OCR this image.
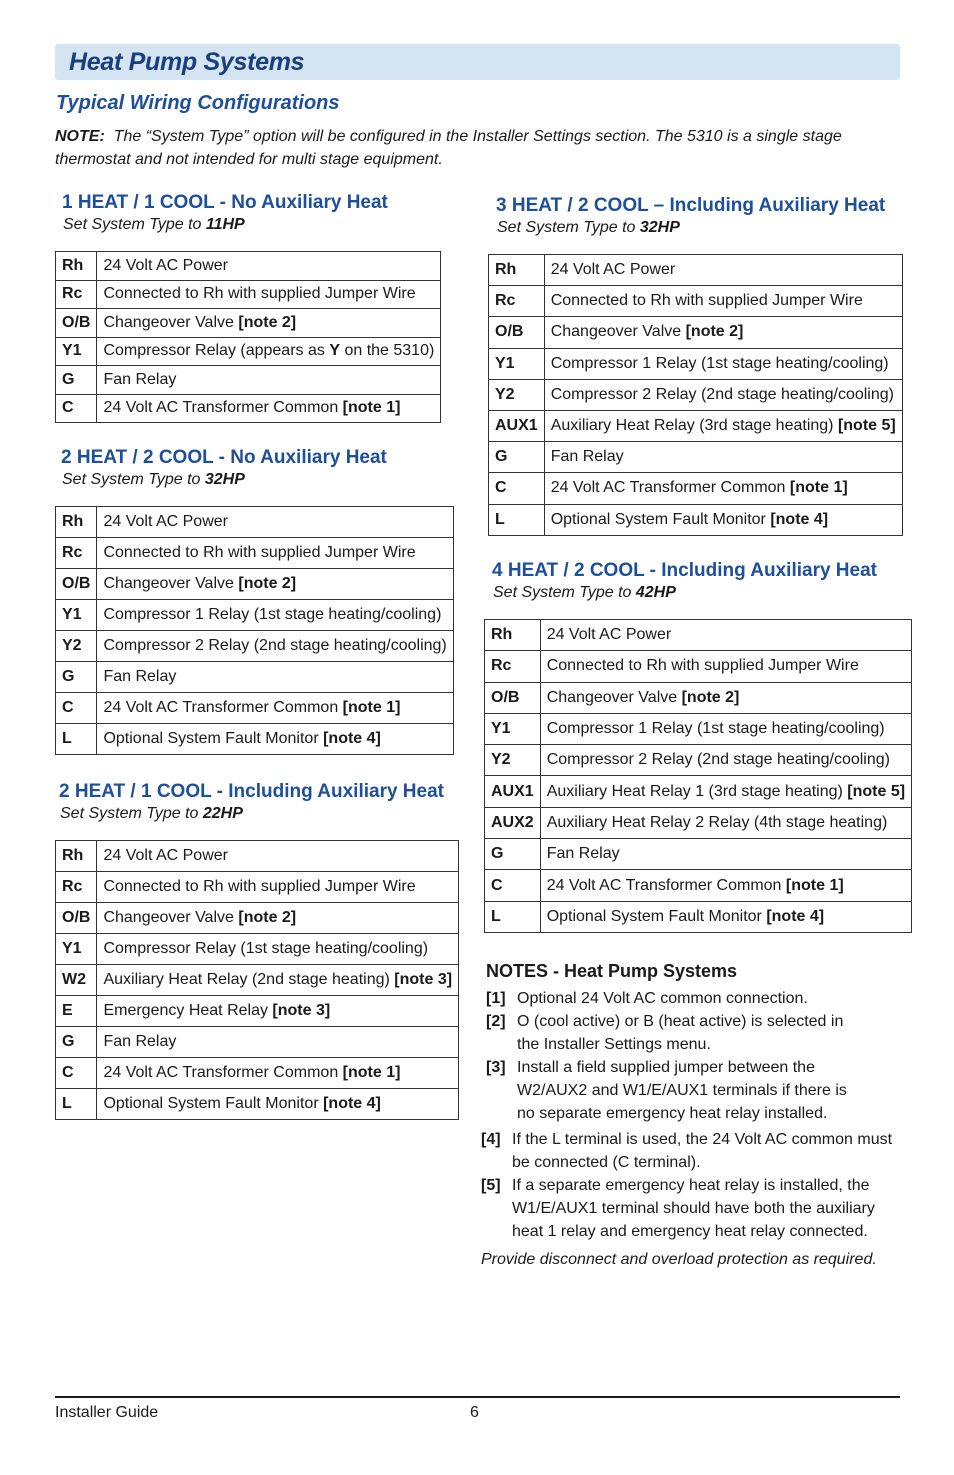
Heat Pump Systems
Typical Wiring Configurations
NOTE: The “System Type” option will be configured in the Installer Settings section. The 5310 is a single stage thermostat and not intended for multi stage equipment.
1 HEAT / 1 COOL - No Auxiliary Heat
Set System Type to 11HP
Rh	24 Volt AC Power
Rc	Connected to Rh with supplied Jumper Wire
O/B	Changeover Valve [note 2]
Y1	Compressor Relay (appears as Y on the 5310)
G	Fan Relay
C	24 Volt AC Transformer Common [note 1]
2 HEAT / 2 COOL - No Auxiliary Heat
Set System Type to 32HP
Rh	24 Volt AC Power
Rc	Connected to Rh with supplied Jumper Wire
O/B	Changeover Valve [note 2]
Y1	Compressor 1 Relay (1st stage heating/cooling)
Y2	Compressor 2 Relay (2nd stage heating/cooling)
G	Fan Relay
C	24 Volt AC Transformer Common [note 1]
L	Optional System Fault Monitor [note 4]
2 HEAT / 1 COOL - Including Auxiliary Heat
Set System Type to 22HP
Rh	24 Volt AC Power
Rc	Connected to Rh with supplied Jumper Wire
O/B	Changeover Valve [note 2]
Y1	Compressor Relay (1st stage heating/cooling)
W2	Auxiliary Heat Relay (2nd stage heating) [note 3]
E	Emergency Heat Relay [note 3]
G	Fan Relay
C	24 Volt AC Transformer Common [note 1]
L	Optional System Fault Monitor [note 4]
3 HEAT / 2 COOL – Including Auxiliary Heat
Set System Type to 32HP
Rh	24 Volt AC Power
Rc	Connected to Rh with supplied Jumper Wire
O/B	Changeover Valve [note 2]
Y1	Compressor 1 Relay (1st stage heating/cooling)
Y2	Compressor 2 Relay (2nd stage heating/cooling)
AUX1	Auxiliary Heat Relay (3rd stage heating) [note 5]
G	Fan Relay
C	24 Volt AC Transformer Common [note 1]
L	Optional System Fault Monitor [note 4]
4 HEAT / 2 COOL - Including Auxiliary Heat
Set System Type to 42HP
Rh	24 Volt AC Power
Rc	Connected to Rh with supplied Jumper Wire
O/B	Changeover Valve [note 2]
Y1	Compressor 1 Relay (1st stage heating/cooling)
Y2	Compressor 2 Relay (2nd stage heating/cooling)
AUX1	Auxiliary Heat Relay 1 (3rd stage heating) [note 5]
AUX2	Auxiliary Heat Relay 2 Relay (4th stage heating)
G	Fan Relay
C	24 Volt AC Transformer Common [note 1]
L	Optional System Fault Monitor [note 4]
NOTES - Heat Pump Systems
[1] Optional 24 Volt AC common connection.
[2] O (cool active) or B (heat active) is selected in the Installer Settings menu.
[3] Install a field supplied jumper between the W2/AUX2 and W1/E/AUX1 terminals if there is no separate emergency heat relay installed.
[4] If the L terminal is used, the 24 Volt AC common must be connected (C terminal).
[5] If a separate emergency heat relay is installed, the W1/E/AUX1 terminal should have both the auxiliary heat 1 relay and emergency heat relay connected.
Provide disconnect and overload protection as required.
Installer Guide	6
